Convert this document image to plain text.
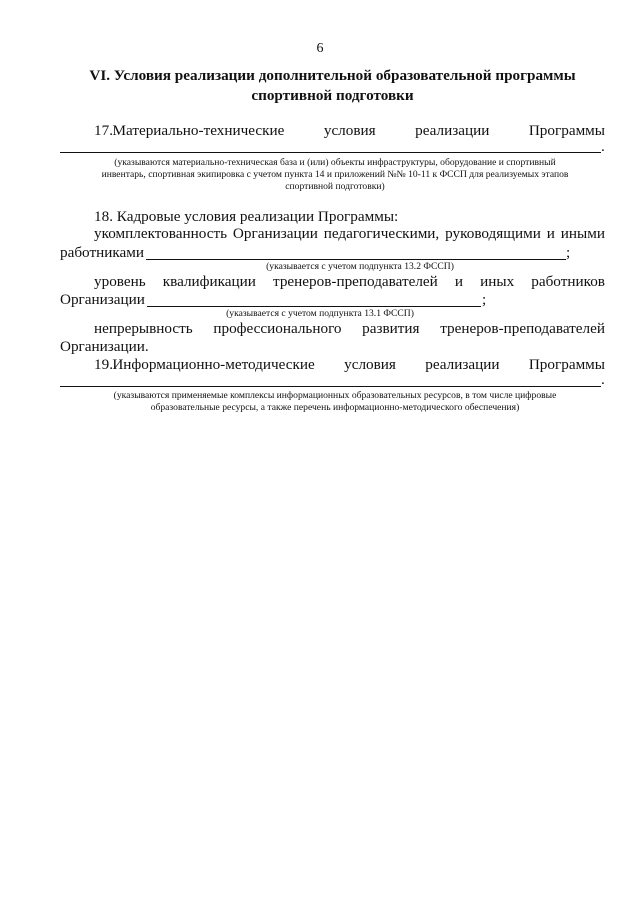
6
VI. Условия реализации дополнительной образовательной программы
спортивной подготовки
17. Материально-технические	условия	реализации	Программы
.
(указываются материально-техническая база и (или) объекты инфраструктуры, оборудование и спортивный
инвентарь, спортивная экипировка с учетом пункта 14 и приложений №№ 10-11 к ФССП для реализуемых этапов
спортивной подготовки)
18. Кадровые условия реализации Программы:
укомплектованность Организации педагогическими, руководящими и иными
работниками	;
(указывается с учетом подпункта 13.2 ФССП)
уровень квалификации тренеров-преподавателей и иных работников
Организации	;
(указывается с учетом подпункта 13.1 ФССП)
непрерывность профессионального развития тренеров-преподавателей
Организации.
19. Информационно-методические условия реализации Программы
.
(указываются применяемые комплексы информационных образовательных ресурсов, в том числе цифровые
образовательные ресурсы, а также перечень информационно-методического обеспечения)
